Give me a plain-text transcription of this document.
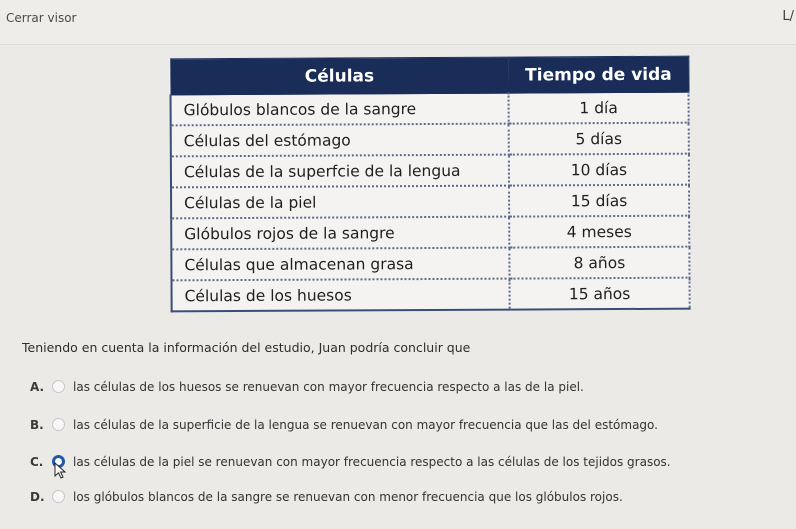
Cerrar visor	L/
Células	Tiempo de vida
Glóbulos blancos de la sangre	1 día
Células del estómago	5 días
Células de la superfcie de la lengua	10 días
Células de la piel	15 días
Glóbulos rojos de la sangre	4 meses
Células que almacenan grasa	8 años
Células de los huesos	15 años
Teniendo en cuenta la información del estudio, Juan podría concluir que
A. las células de los huesos se renuevan con mayor frecuencia respecto a las de la piel.
B. las células de la superficie de la lengua se renuevan con mayor frecuencia que las del estómago.
C. las células de la piel se renuevan con mayor frecuencia respecto a las células de los tejidos grasos.
D. los glóbulos blancos de la sangre se renuevan con menor frecuencia que los glóbulos rojos.
